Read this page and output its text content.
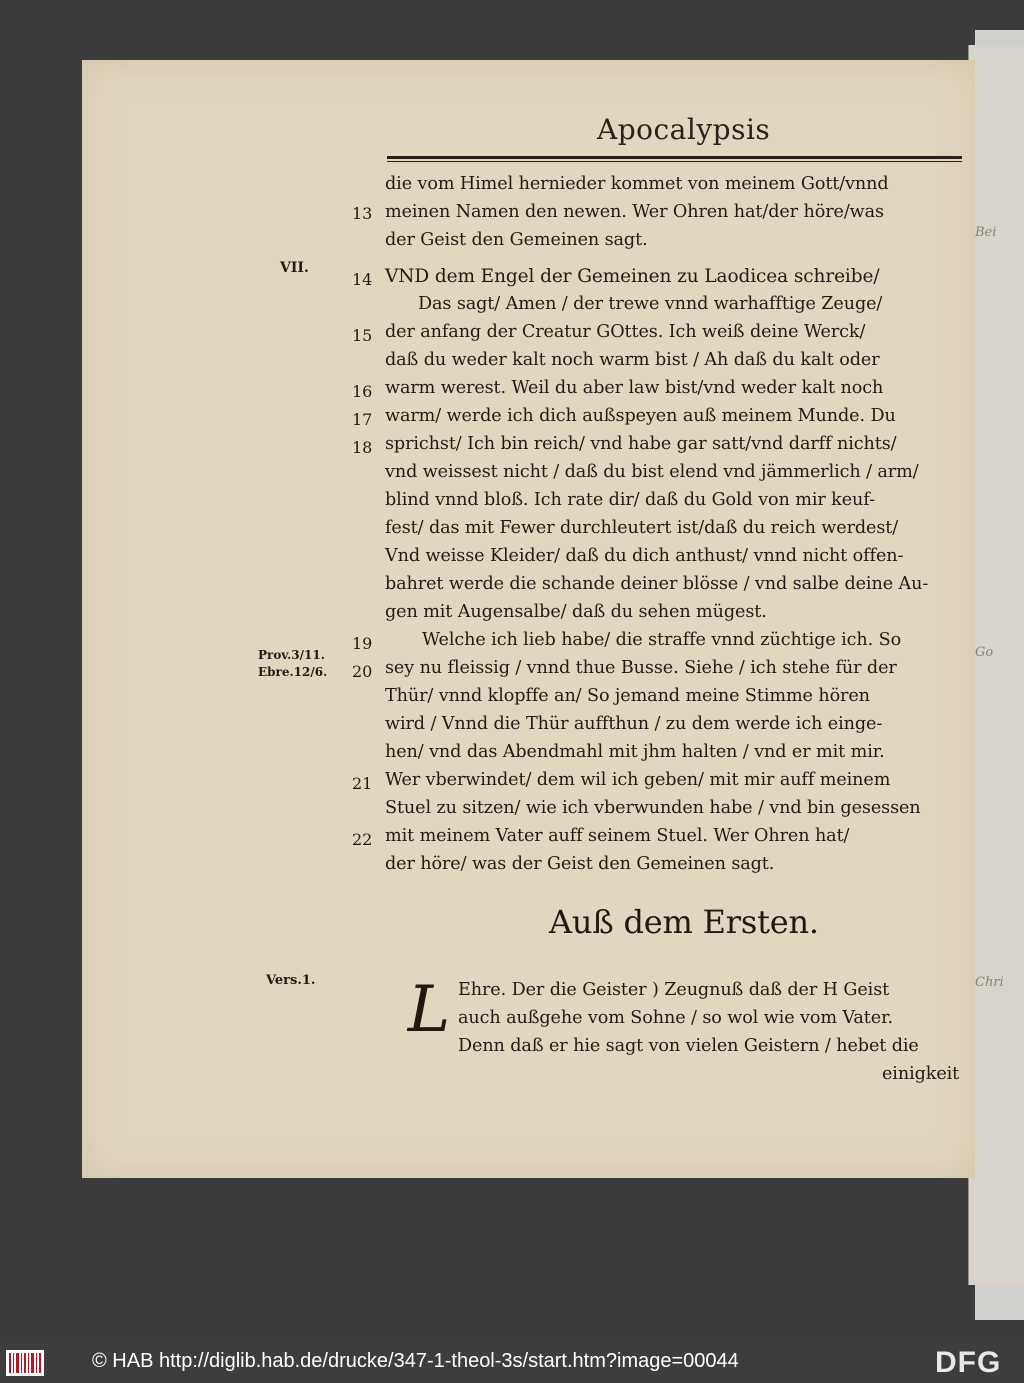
Bei
Go
Chri
Apocalypsis
die vom Himel hernieder kommet von meinem Gott/vnnd
meinen Namen den newen. Wer Ohren hat/der höre/was
der Geist den Gemeinen sagt.
VND dem Engel der Gemeinen zu Laodicea schreibe/
Das sagt/ Amen / der trewe vnnd warhafftige Zeuge/
der anfang der Creatur GOttes. Ich weiß deine Werck/
daß du weder kalt noch warm bist / Ah daß du kalt oder
warm werest. Weil du aber law bist/vnd weder kalt noch
warm/ werde ich dich außspeyen auß meinem Munde. Du
sprichst/ Ich bin reich/ vnd habe gar satt/vnd darff nichts/
vnd weissest nicht / daß du bist elend vnd jämmerlich / arm/
blind vnnd bloß. Ich rate dir/ daß du Gold von mir keuf-
fest/ das mit Fewer durchleutert ist/daß du reich werdest/
Vnd weisse Kleider/ daß du dich anthust/ vnnd nicht offen-
bahret werde die schande deiner blösse / vnd salbe deine Au-
gen mit Augensalbe/ daß du sehen mügest.
Welche ich lieb habe/ die straffe vnnd züchtige ich. So
sey nu fleissig / vnnd thue Busse. Siehe / ich stehe für der
Thür/ vnnd klopffe an/ So jemand meine Stimme hören
wird / Vnnd die Thür auffthun / zu dem werde ich einge-
hen/ vnd das Abendmahl mit jhm halten / vnd er mit mir.
Wer vberwindet/ dem wil ich geben/ mit mir auff meinem
Stuel zu sitzen/ wie ich vberwunden habe / vnd bin gesessen
mit meinem Vater auff seinem Stuel. Wer Ohren hat/
der höre/ was der Geist den Gemeinen sagt.
13
14
15
16
17
18
19
20
21
22
VII.
Prov.3/11.
Ebre.12/6.
Vers.1.
Auß dem Ersten.
L Ehre. Der die Geister ) Zeugnuß daß der H Geist
auch außgehe vom Sohne / so wol wie vom Vater.
Denn daß er hie sagt von vielen Geistern / hebet die
einigkeit
© HAB http://diglib.hab.de/drucke/347-1-theol-3s/start.htm?image=00044	DFG
